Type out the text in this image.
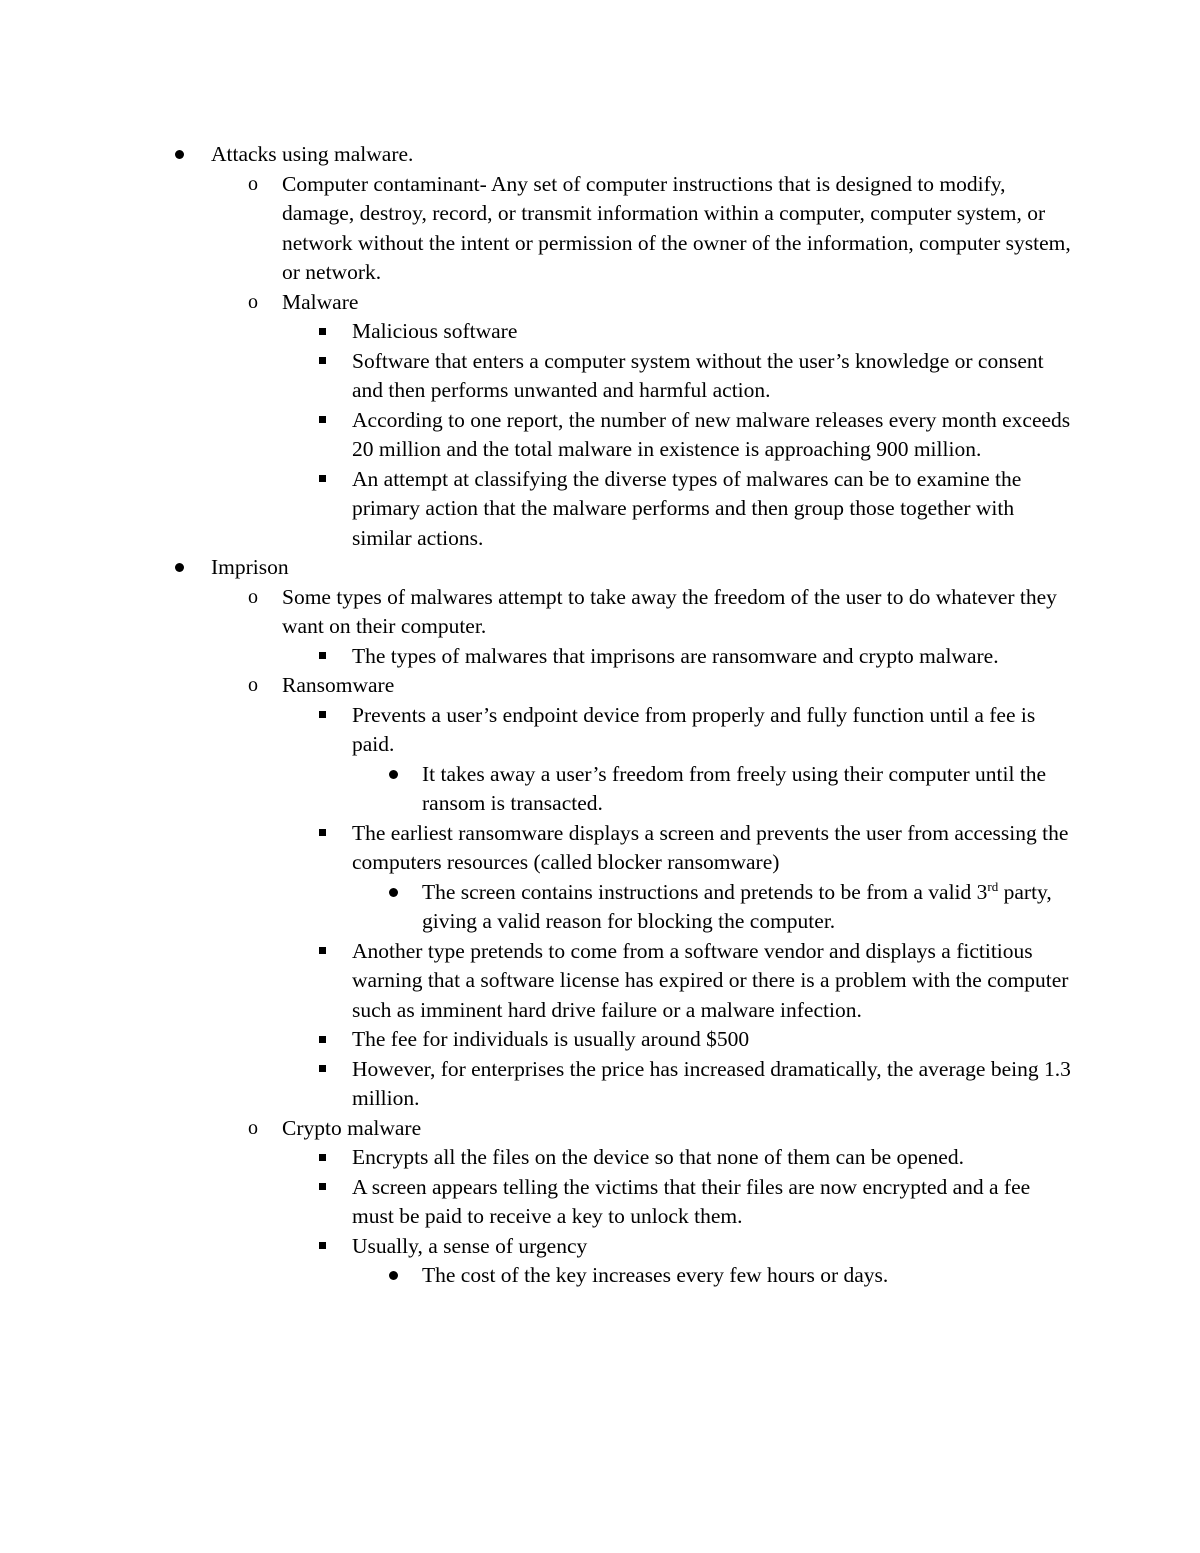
Attacks using malware.
o Computer contaminant- Any set of computer instructions that is designed to modify, damage, destroy, record, or transmit information within a computer, computer system, or network without the intent or permission of the owner of the information, computer system, or network.
o Malware
Malicious software
Software that enters a computer system without the user’s knowledge or consent and then performs unwanted and harmful action.
According to one report, the number of new malware releases every month exceeds 20 million and the total malware in existence is approaching 900 million.
An attempt at classifying the diverse types of malwares can be to examine the primary action that the malware performs and then group those together with similar actions.
Imprison
o Some types of malwares attempt to take away the freedom of the user to do whatever they want on their computer.
The types of malwares that imprisons are ransomware and crypto malware.
o Ransomware
Prevents a user’s endpoint device from properly and fully function until a fee is paid.
It takes away a user’s freedom from freely using their computer until the ransom is transacted.
The earliest ransomware displays a screen and prevents the user from accessing the computers resources (called blocker ransomware)
The screen contains instructions and pretends to be from a valid 3rd party, giving a valid reason for blocking the computer.
Another type pretends to come from a software vendor and displays a fictitious warning that a software license has expired or there is a problem with the computer such as imminent hard drive failure or a malware infection.
The fee for individuals is usually around $500
However, for enterprises the price has increased dramatically, the average being 1.3 million.
o Crypto malware
Encrypts all the files on the device so that none of them can be opened.
A screen appears telling the victims that their files are now encrypted and a fee must be paid to receive a key to unlock them.
Usually, a sense of urgency
The cost of the key increases every few hours or days.
